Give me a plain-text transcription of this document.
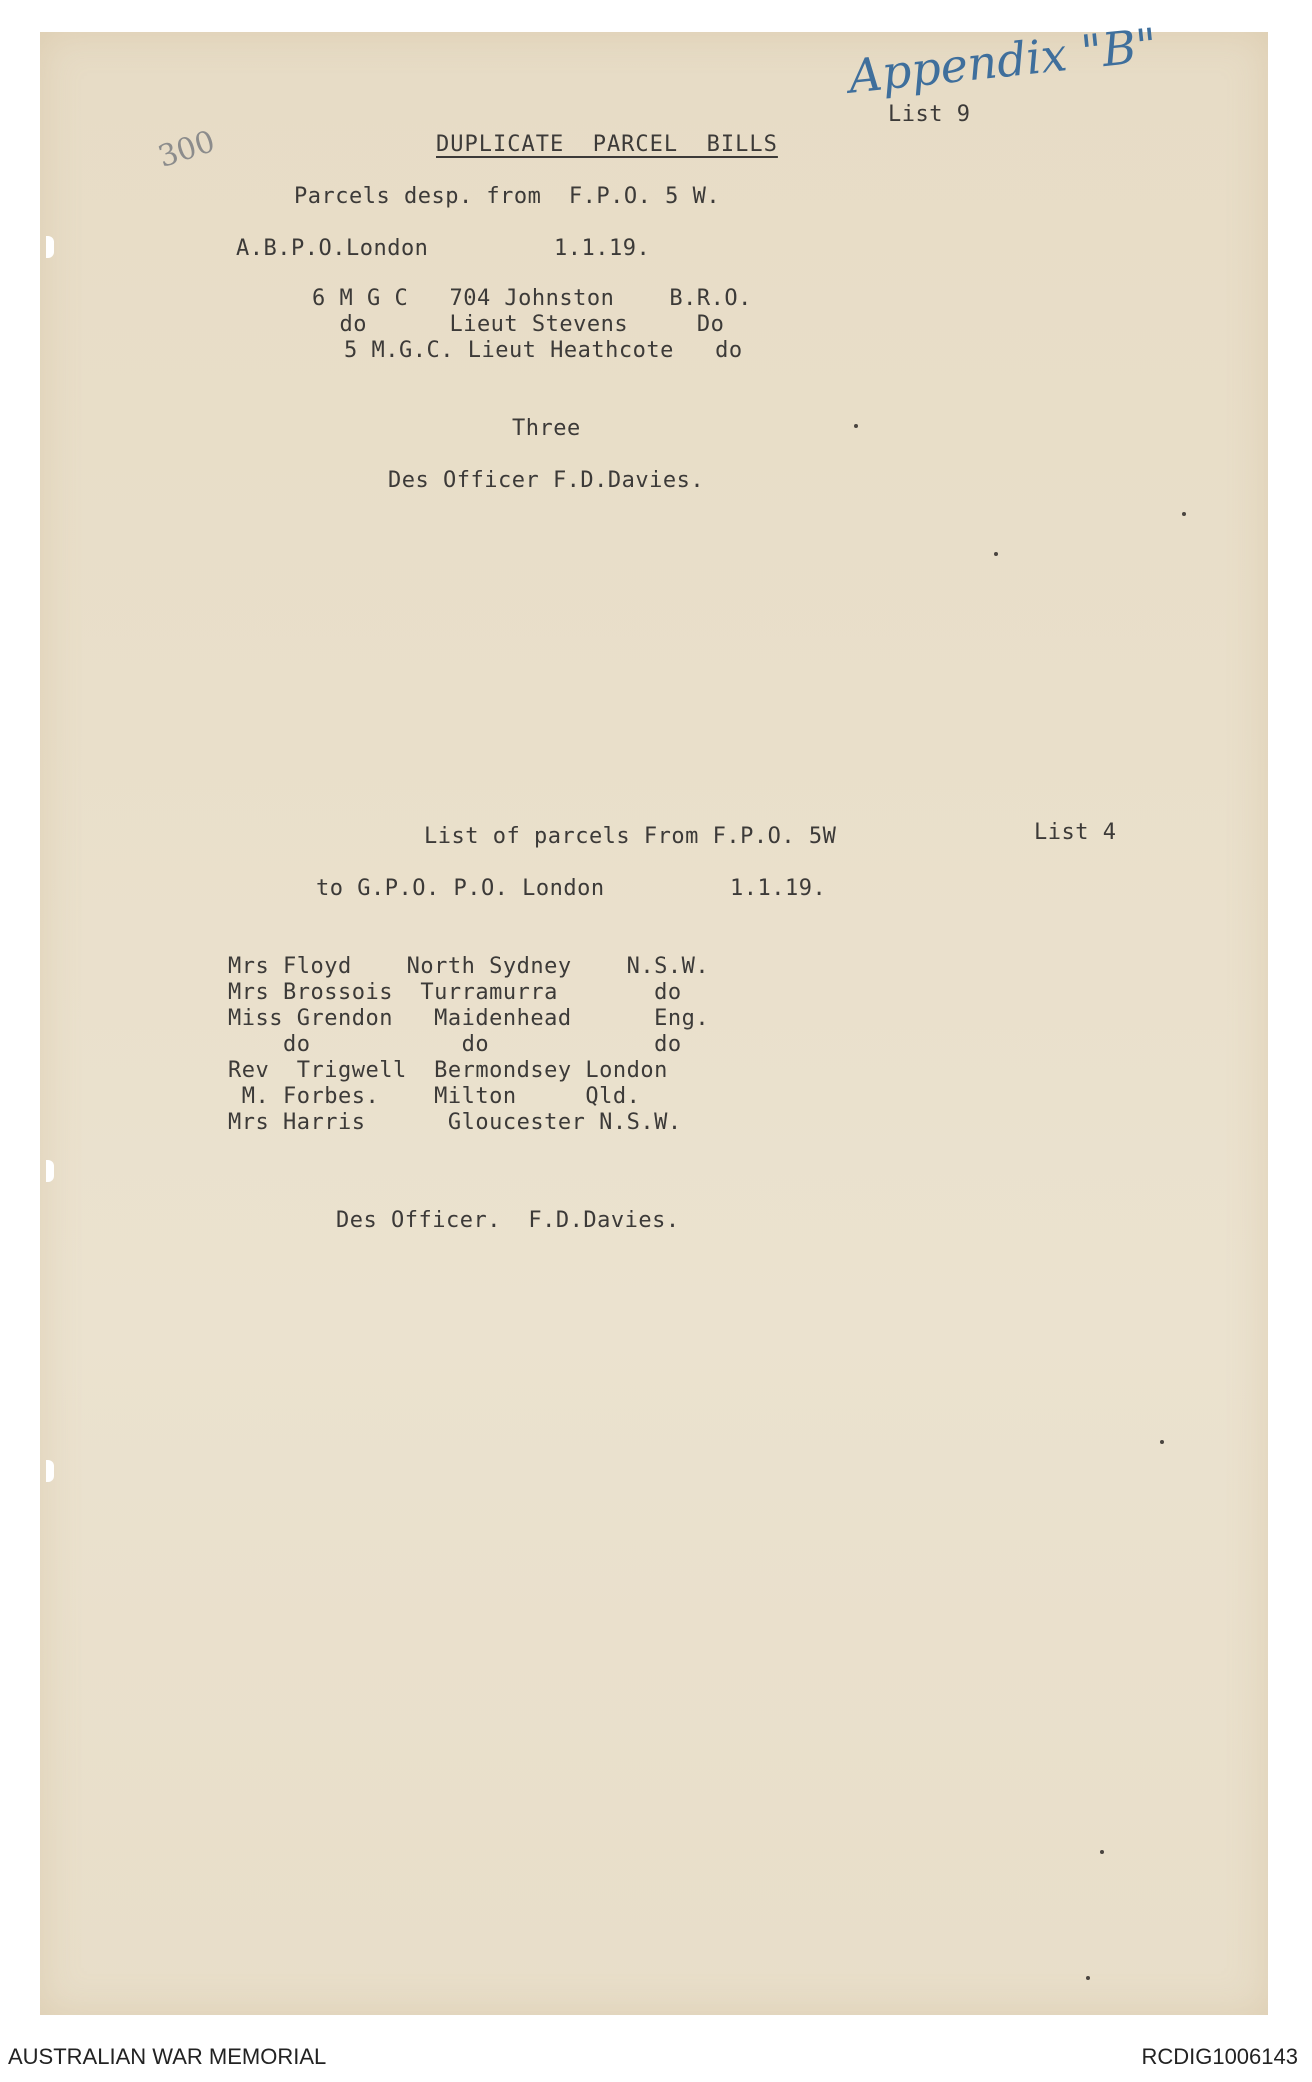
300
Appendix "B"
List 9
DUPLICATE  PARCEL  BILLS
Parcels desp. from  F.P.O. 5 W.
A.B.P.O.London	1.1.19.
6 M G C   704 Johnston    B.R.O.
do      Lieut Stevens     Do
5 M.G.C. Lieut Heathcote   do
Three
Des Officer F.D.Davies.
List of parcels From F.P.O. 5W	List 4
to G.P.O. P.O. London	1.1.19.
Mrs Floyd    North Sydney    N.S.W.
Mrs Brossois  Turramurra       do
Miss Grendon   Maidenhead      Eng.
do           do            do
Rev  Trigwell  Bermondsey London
M. Forbes.    Milton     Qld.
Mrs Harris      Gloucester N.S.W.
Des Officer.  F.D.Davies.
AUSTRALIAN WAR MEMORIAL	RCDIG1006143
